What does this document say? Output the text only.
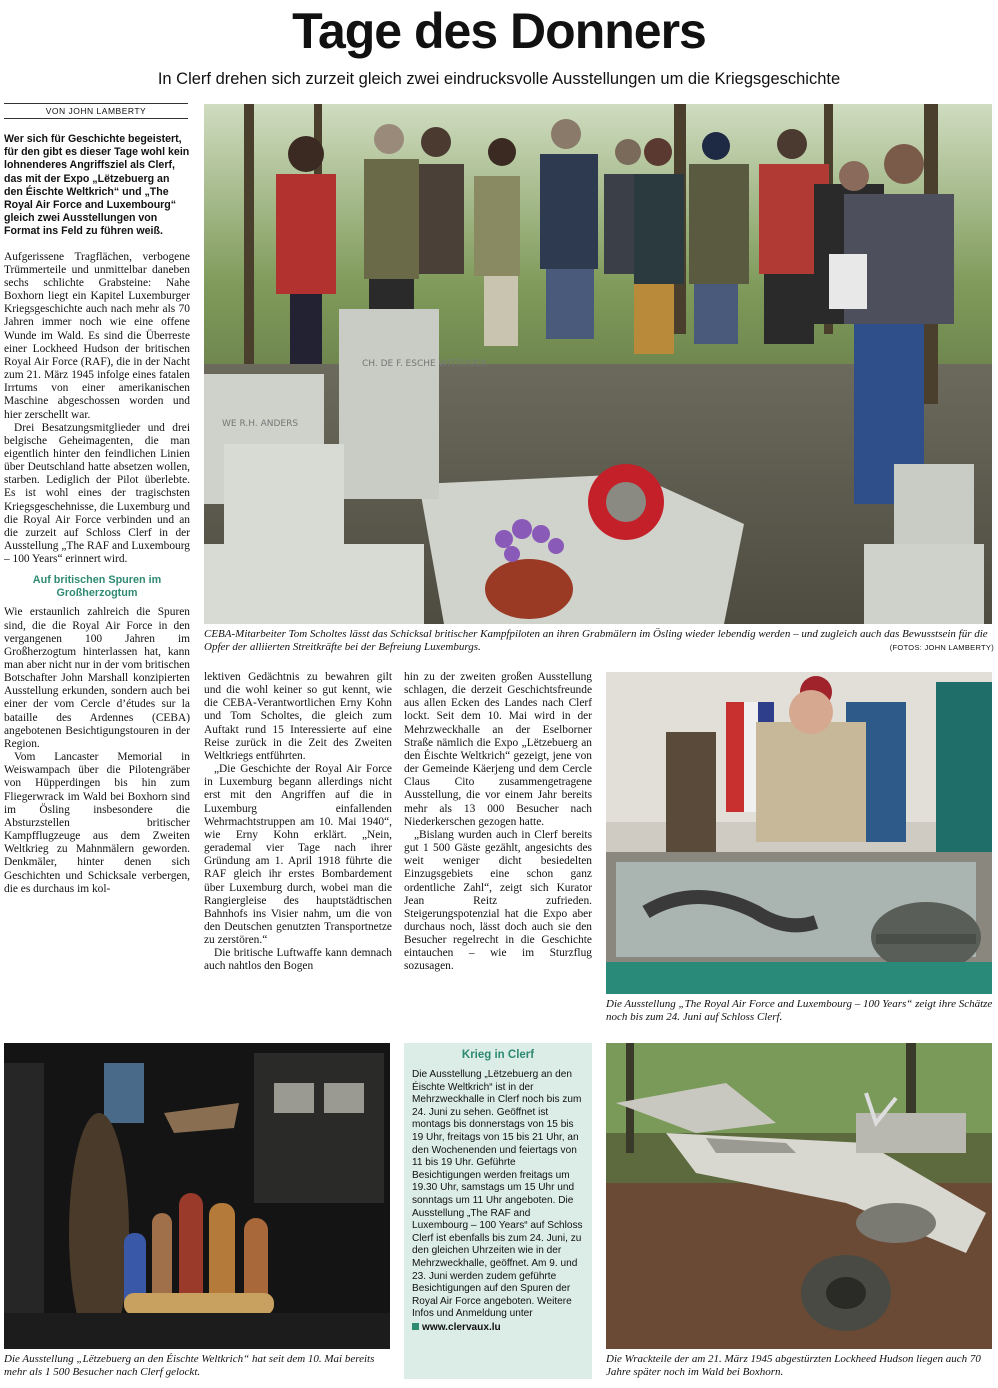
Tage des Donners
In Clerf drehen sich zurzeit gleich zwei eindrucksvolle Ausstellungen um die Kriegsgeschichte
VON JOHN LAMBERTY

Wer sich für Geschichte begeistert, für den gibt es dieser Tage wohl kein lohnenderes Angriffsziel als Clerf, das mit der Expo „Lëtzebuerg an den Éischte Weltkrich“ und „The Royal Air Force and Luxembourg“ gleich zwei Ausstellungen von Format ins Feld zu führen weiß.

Aufgerissene Tragflächen, verbogene Trümmerteile und unmittelbar daneben sechs schlichte Grabsteine: Nahe Boxhorn liegt ein Kapitel Luxemburger Kriegsgeschichte auch nach mehr als 70 Jahren immer noch wie eine offene Wunde im Wald. Es sind die Überreste einer Lockheed Hudson der britischen Royal Air Force (RAF), die in der Nacht zum 21. März 1945 infolge eines fatalen Irrtums von einer amerikanischen Maschine abgeschossen worden und hier zerschellt war.

Drei Besatzungsmitglieder und drei belgische Geheimagenten, die man eigentlich hinter den feindlichen Linien über Deutschland hatte absetzen wollen, starben. Lediglich der Pilot überlebte. Es ist wohl eines der tragischsten Kriegsgeschehnisse, die Luxemburg und die Royal Air Force verbinden und an die zurzeit auf Schloss Clerf in der Ausstellung „The RAF and Luxembourg – 100 Years“ erinnert wird.

Auf britischen Spuren im Großherzogtum

Wie erstaunlich zahlreich die Spuren sind, die die Royal Air Force in den vergangenen 100 Jahren im Großherzogtum hinterlassen hat, kann man aber nicht nur in der vom britischen Botschafter John Marshall konzipierten Ausstellung erkunden, sondern auch bei einer der vom Cercle d’études sur la bataille des Ardennes (CEBA) angebotenen Besichtigungstouren in der Region.

Vom Lancaster Memorial in Weiswampach über die Pilotengräber von Hüpperdingen bis hin zum Fliegerwrack im Wald bei Boxhorn sind im Ösling insbesondere die Absturzstellen britischer Kampfflugzeuge aus dem Zweiten Weltkrieg zu Mahnmälern geworden. Denkmäler, hinter denen sich Geschichten und Schicksale verbergen, die es durchaus im kol-

CH. DE F. ESCHE WITTOUCK
WE R.H. ANDERS
CEBA-Mitarbeiter Tom Scholtes lässt das Schicksal britischer Kampfpiloten an ihren Grabmälern im Ösling wieder lebendig werden – und zugleich auch das Bewusstsein für die Opfer der alliierten Streitkräfte bei der Befreiung Luxemburgs.	(FOTOS: JOHN LAMBERTY)

lektiven Gedächtnis zu bewahren gilt und die wohl keiner so gut kennt, wie die CEBA-Verantwortlichen Erny Kohn und Tom Scholtes, die gleich zum Auftakt rund 15 Interessierte auf eine Reise zurück in die Zeit des Zweiten Weltkriegs entführten.

„Die Geschichte der Royal Air Force in Luxemburg begann allerdings nicht erst mit den Angriffen auf die in Luxemburg einfallenden Wehrmachtstruppen am 10. Mai 1940“, wie Erny Kohn erklärt. „Nein, gerademal vier Tage nach ihrer Gründung am 1. April 1918 führte die RAF gleich ihr erstes Bombardement über Luxemburg durch, wobei man die Rangiergleise des hauptstädtischen Bahnhofs ins Visier nahm, um die von den Deutschen genutzten Transportnetze zu zerstören.“

Die britische Luftwaffe kann demnach auch nahtlos den Bogen

hin zu der zweiten großen Ausstellung schlagen, die derzeit Geschichtsfreunde aus allen Ecken des Landes nach Clerf lockt. Seit dem 10. Mai wird in der Mehrzweckhalle an der Eselborner Straße nämlich die Expo „Lëtzebuerg an den Éischte Weltkrich“ gezeigt, jene von der Gemeinde Käerjeng und dem Cercle Claus Cito zusammengetragene Ausstellung, die vor einem Jahr bereits mehr als 13 000 Besucher nach Niederkerschen gezogen hatte.

„Bislang wurden auch in Clerf bereits gut 1 500 Gäste gezählt, angesichts des weit weniger dicht besiedelten Einzugsgebiets eine schon ganz ordentliche Zahl“, zeigt sich Kurator Jean Reitz zufrieden. Steigerungspotenzial hat die Expo aber durchaus noch, lässt doch auch sie den Besucher regelrecht in die Geschichte eintauchen – wie im Sturzflug sozusagen.

Die Ausstellung „The Royal Air Force and Luxembourg – 100 Years“ zeigt ihre Schätze noch bis zum 24. Juni auf Schloss Clerf.
Die Ausstellung „Lëtzebuerg an den Éischte Weltkrich“ hat seit dem 10. Mai bereits mehr als 1 500 Besucher nach Clerf gelockt.
Krieg in Clerf

Die Ausstellung „Lëtzebuerg an den Éischte Weltkrich“ ist in der Mehrzweckhalle in Clerf noch bis zum 24. Juni zu sehen. Geöffnet ist montags bis donnerstags von 15 bis 19 Uhr, freitags von 15 bis 21 Uhr, an den Wochenenden und feiertags von 11 bis 19 Uhr. Geführte Besichtigungen werden freitags um 19.30 Uhr, samstags um 15 Uhr und sonntags um 11 Uhr angeboten. Die Ausstellung „The RAF and Luxembourg – 100 Years“ auf Schloss Clerf ist ebenfalls bis zum 24. Juni, zu den gleichen Uhrzeiten wie in der Mehrzweckhalle, geöffnet. Am 9. und 23. Juni werden zudem geführte Besichtigungen auf den Spuren der Royal Air Force angeboten. Weitere Infos und Anmeldung unter

www.clervaux.lu

Die Wrackteile der am 21. März 1945 abgestürzten Lockheed Hudson liegen auch 70 Jahre später noch im Wald bei Boxhorn.
